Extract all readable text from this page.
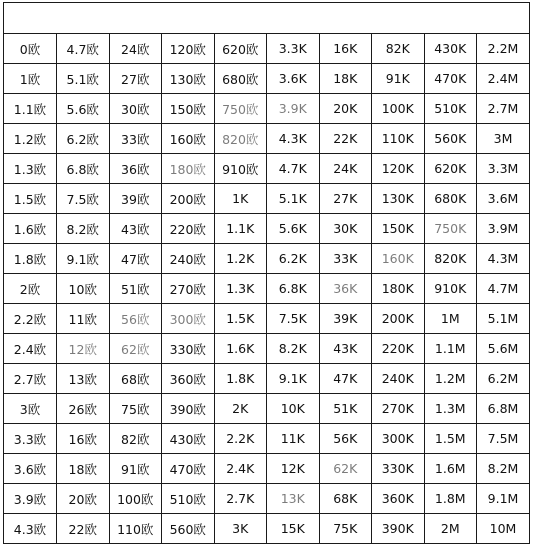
0欧	4.7欧	24欧	120欧	620欧	3.3K	16K	82K	430K	2.2M
1欧	5.1欧	27欧	130欧	680欧	3.6K	18K	91K	470K	2.4M
1.1欧	5.6欧	30欧	150欧	750欧	3.9K	20K	100K	510K	2.7M
1.2欧	6.2欧	33欧	160欧	820欧	4.3K	22K	110K	560K	3M
1.3欧	6.8欧	36欧	180欧	910欧	4.7K	24K	120K	620K	3.3M
1.5欧	7.5欧	39欧	200欧	1K	5.1K	27K	130K	680K	3.6M
1.6欧	8.2欧	43欧	220欧	1.1K	5.6K	30K	150K	750K	3.9M
1.8欧	9.1欧	47欧	240欧	1.2K	6.2K	33K	160K	820K	4.3M
2欧	10欧	51欧	270欧	1.3K	6.8K	36K	180K	910K	4.7M
2.2欧	11欧	56欧	300欧	1.5K	7.5K	39K	200K	1M	5.1M
2.4欧	12欧	62欧	330欧	1.6K	8.2K	43K	220K	1.1M	5.6M
2.7欧	13欧	68欧	360欧	1.8K	9.1K	47K	240K	1.2M	6.2M
3欧	26欧	75欧	390欧	2K	10K	51K	270K	1.3M	6.8M
3.3欧	16欧	82欧	430欧	2.2K	11K	56K	300K	1.5M	7.5M
3.6欧	18欧	91欧	470欧	2.4K	12K	62K	330K	1.6M	8.2M
3.9欧	20欧	100欧	510欧	2.7K	13K	68K	360K	1.8M	9.1M
4.3欧	22欧	110欧	560欧	3K	15K	75K	390K	2M	10M
